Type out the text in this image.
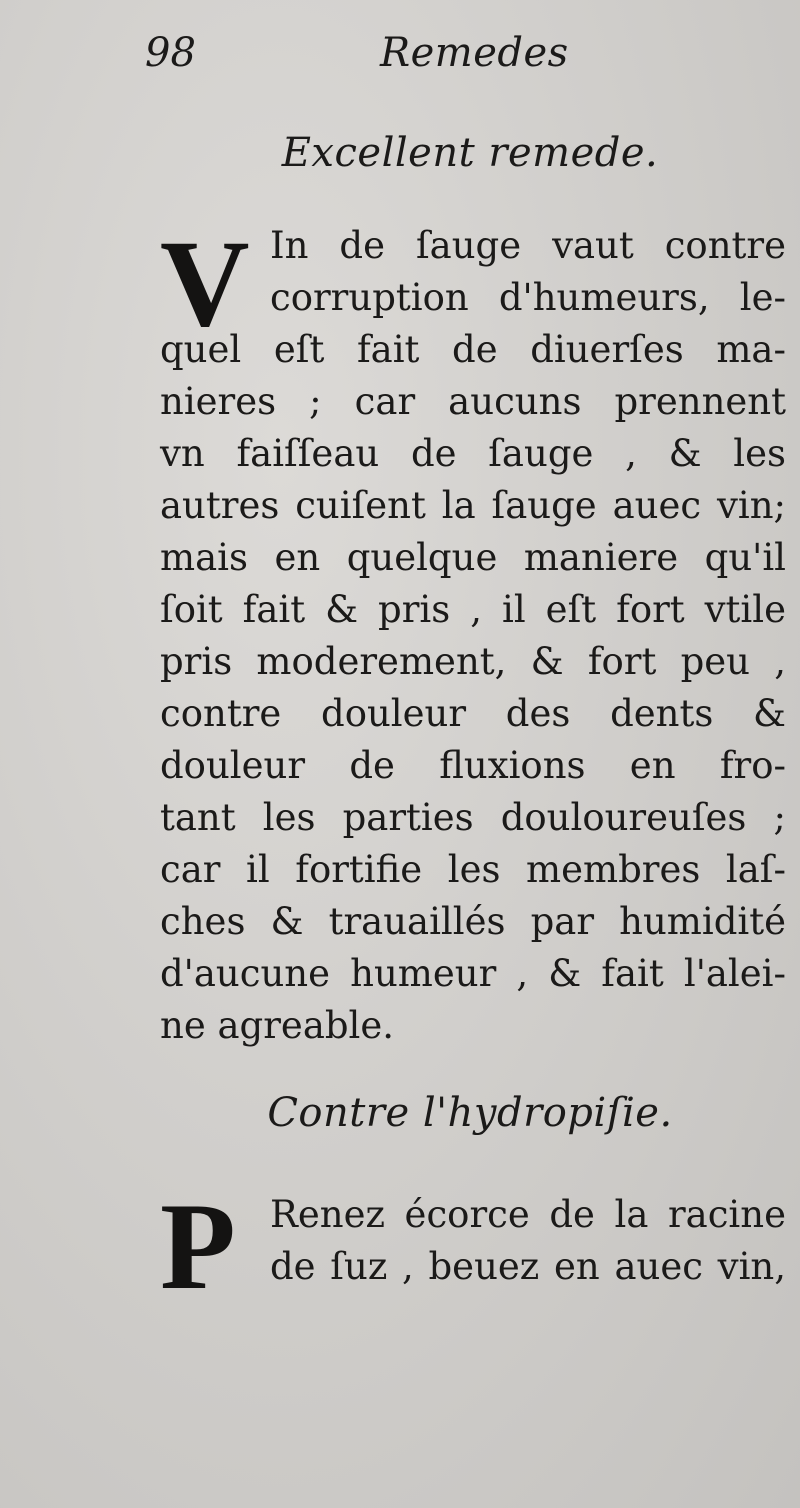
98	Remedes
Excellent remede.
V In de ſauge vaut contre
corruption d'humeurs, le-
quel eſt fait de diuerſes ma-
nieres ; car aucuns prennent
vn faiſſeau de ſauge , & les
autres cuiſent la ſauge auec vin;
mais en quelque maniere qu'il
ſoit fait & pris , il eſt fort vtile
pris moderement, & fort peu ,
contre douleur des dents &
douleur de fluxions en fro-
tant les parties douloureuſes ;
car il fortifie les membres laſ-
ches & trauaillés par humidité
d'aucune humeur , & fait l'alei-
ne agreable.
Contre l'hydropiſie.
P Renez écorce de la racine
de ſuz , beuez en auec vin,
